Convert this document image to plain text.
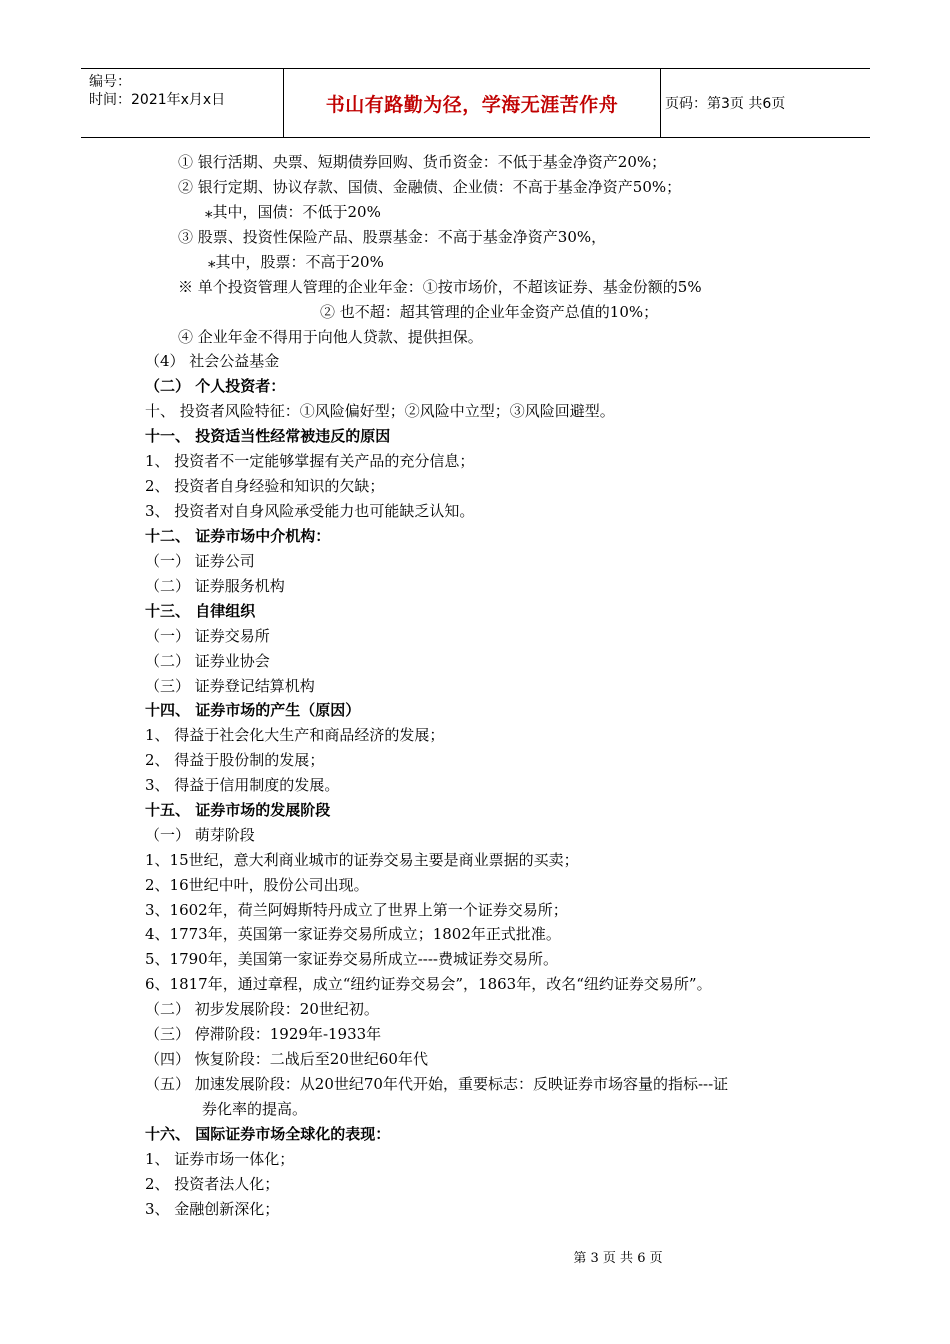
编号：
时间：2021年x月x日	书山有路勤为径，学海无涯苦作舟	页码：第3页 共6页
① 银行活期、央票、短期债券回购、货币资金：不低于基金净资产20%；
② 银行定期、协议存款、国债、金融债、企业债：不高于基金净资产50%；
⁎其中，国债：不低于20%
③ 股票、投资性保险产品、股票基金：不高于基金净资产30%，
⁎其中，股票：不高于20%
※ 单个投资管理人管理的企业年金：①按市场价，不超该证券、基金份额的5%
② 也不超：超其管理的企业年金资产总值的10%；
④ 企业年金不得用于向他人贷款、提供担保。
（4） 社会公益基金
（二） 个人投资者：
十、 投资者风险特征：①风险偏好型；②风险中立型；③风险回避型。
十一、 投资适当性经常被违反的原因
1、 投资者不一定能够掌握有关产品的充分信息；
2、 投资者自身经验和知识的欠缺；
3、 投资者对自身风险承受能力也可能缺乏认知。
十二、 证券市场中介机构：
（一） 证券公司
（二） 证券服务机构
十三、 自律组织
（一） 证券交易所
（二） 证券业协会
（三） 证券登记结算机构
十四、 证券市场的产生（原因）
1、 得益于社会化大生产和商品经济的发展；
2、 得益于股份制的发展；
3、 得益于信用制度的发展。
十五、 证券市场的发展阶段
（一） 萌芽阶段
1、15世纪，意大利商业城市的证券交易主要是商业票据的买卖；
2、16世纪中叶，股份公司出现。
3、1602年，荷兰阿姆斯特丹成立了世界上第一个证券交易所；
4、1773年，英国第一家证券交易所成立；1802年正式批准。
5、1790年，美国第一家证券交易所成立----费城证券交易所。
6、1817年，通过章程，成立“纽约证券交易会”，1863年，改名“纽约证券交易所”。
（二） 初步发展阶段：20世纪初。
（三） 停滞阶段：1929年-1933年
（四） 恢复阶段：二战后至20世纪60年代
（五） 加速发展阶段：从20世纪70年代开始，重要标志：反映证券市场容量的指标---证
券化率的提高。
十六、 国际证券市场全球化的表现：
1、 证券市场一体化；
2、 投资者法人化；
3、 金融创新深化；
第 3 页 共 6 页
